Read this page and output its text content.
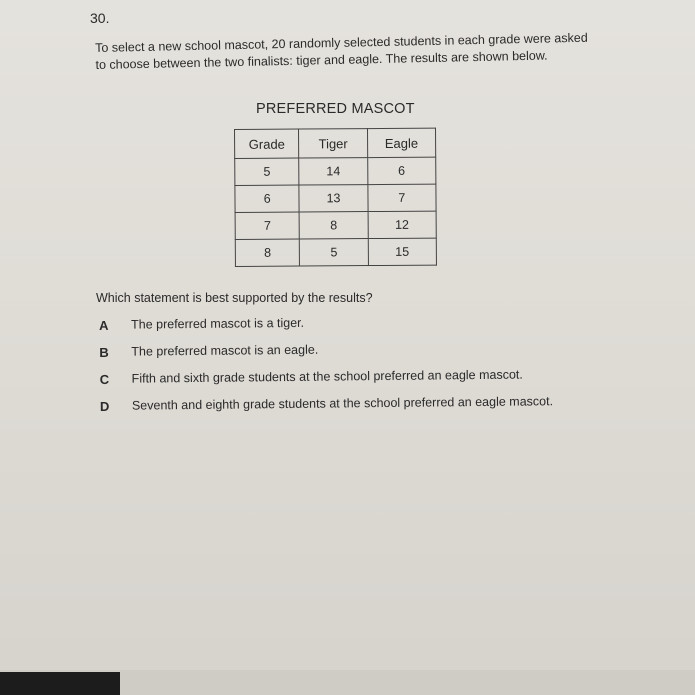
30.
To select a new school mascot, 20 randomly selected students in each grade were asked
to choose between the two finalists: tiger and eagle. The results are shown below.
PREFERRED MASCOT
Grade	Tiger	Eagle
5	14	6
6	13	7
7	8	12
8	5	15
Which statement is best supported by the results?
A	The preferred mascot is a tiger.
B	The preferred mascot is an eagle.
C	Fifth and sixth grade students at the school preferred an eagle mascot.
D	Seventh and eighth grade students at the school preferred an eagle mascot.
